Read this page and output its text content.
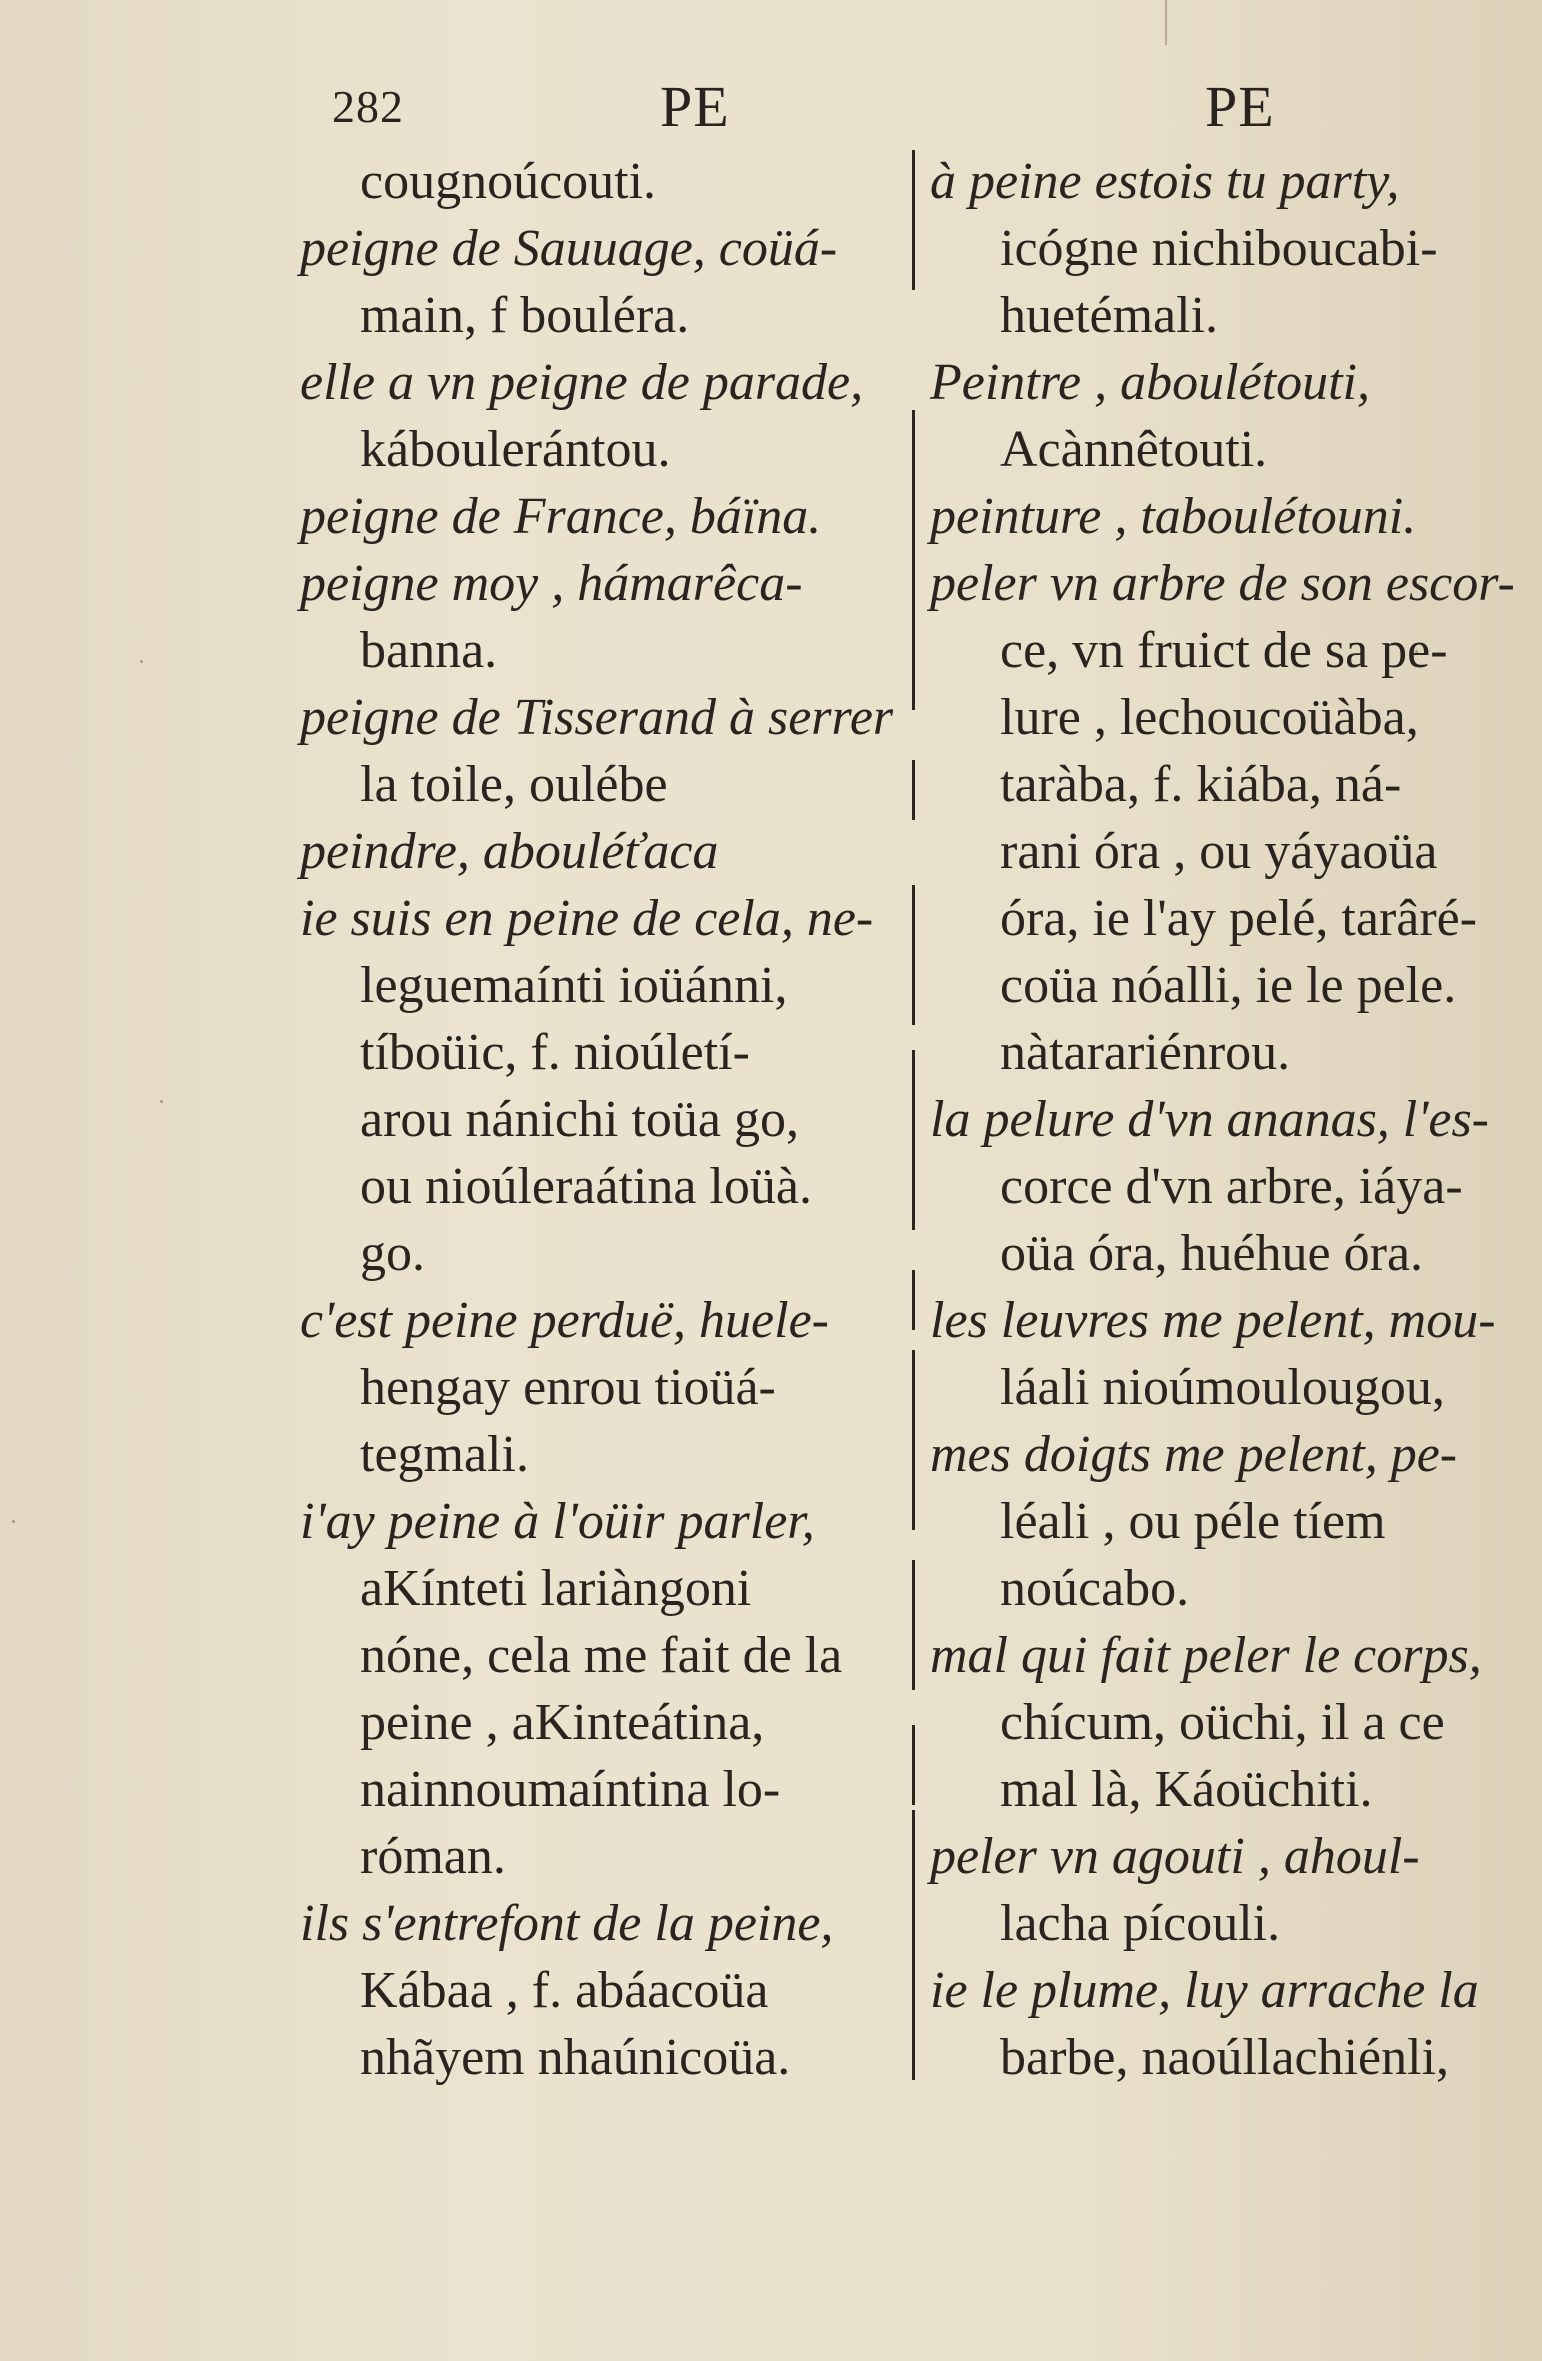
282	PE	PE
cougnoúcouti.
peigne de Sauuage, coüá-
main, f bouléra.
elle a vn peigne de parade,
káboulerántou.
peigne de France, báïna.
peigne moy , hámarêca-
banna.
peigne de Tisserand à serrer
la toile, oulébe
peindre, abouléťaca
ie suis en peine de cela, ne-
leguemaínti ioüánni,
tíboüic, f. nioúletí-
arou nánichi toüa go,
ou nioúleraátina loüà.
go.
c'est peine perduë, huele-
hengay enrou tioüá-
tegmali.
i'ay peine à l'oüir parler,
aKínteti lariàngoni
nóne, cela me fait de la
peine , aKinteátina,
nainnoumaíntina lo-
róman.
ils s'entrefont de la peine,
Kábaa , f. abáacoüa
nhãyem nhaúnicoüa.
à peine estois tu party,
icógne nichiboucabi-
huetémali.
Peintre , aboulétouti,
Acànnêtouti.
peinture , taboulétouni.
peler vn arbre de son escor-
ce, vn fruict de sa pe-
lure , lechoucoüàba,
taràba, f. kiába, ná-
rani óra , ou yáyaoüa
óra, ie l'ay pelé, tarâré-
coüa nóalli, ie le pele.
nàtarariénrou.
la pelure d'vn ananas, l'es-
corce d'vn arbre, iáya-
oüa óra, huéhue óra.
les leuvres me pelent, mou-
láali nioúmoulougou,
mes doigts me pelent, pe-
léali , ou péle tíem
noúcabo.
mal qui fait peler le corps,
chícum, oüchi, il a ce
mal là, Káoüchiti.
peler vn agouti , ahoul-
lacha pícouli.
ie le plume, luy arrache la
barbe, naoúllachiénli,
